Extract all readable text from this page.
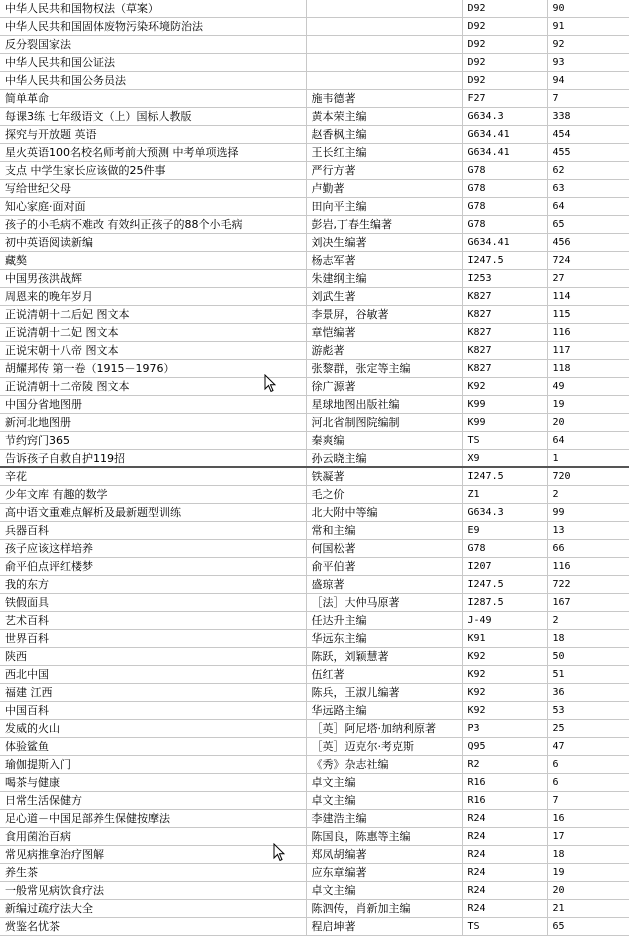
中华人民共和国物权法（草案）		D92	90
中华人民共和国固体废物污染环境防治法		D92	91
反分裂国家法		D92	92
中华人民共和国公证法		D92	93
中华人民共和国公务员法		D92	94
简单革命	施韦德著	F27	7
每课3练 七年级语文（上）国标人教版	黄本荣主编	G634.3	338
探究与开放题 英语	赵香枫主编	G634.41	454
星火英语100名校名师考前大预测 中考单项选择	王长红主编	G634.41	455
支点 中学生家长应该做的25件事	严行方著	G78	62
写给世纪父母	卢勤著	G78	63
知心家庭·面对面	田向平主编	G78	64
孩子的小毛病不难改 有效纠正孩子的88个小毛病	彭岩,丁春生编著	G78	65
初中英语阅读新编	刘决生编著	G634.41	456
藏獒	杨志军著	I247.5	724
中国男孩洪战辉	朱建纲主编	I253	27
周恩来的晚年岁月	刘武生著	K827	114
正说清朝十二后妃 图文本	李景屏，谷敏著	K827	115
正说清朝十二妃 图文本	章恺编著	K827	116
正说宋朝十八帝 图文本	游彪著	K827	117
胡耀邦传 第一卷（1915－1976）	张黎群，张定等主编	K827	118
正说清朝十二帝陵 图文本	徐广源著	K92	49
中国分省地图册	星球地图出版社编	K99	19
新河北地图册	河北省制图院编制	K99	20
节约窍门365	秦爽编	TS	64
告诉孩子自救自护119招	孙云晓主编	X9	1
辛花	铁凝著	I247.5	720
少年文库 有趣的数学	毛之价	Z1	2
高中语文重难点解析及最新题型训练	北大附中等编	G634.3	99
兵器百科	常和主编	E9	13
孩子应该这样培养	何国松著	G78	66
俞平伯点评红楼梦	俞平伯著	I207	116
我的东方	盛琼著	I247.5	722
铁假面具	［法］大仲马原著	I287.5	167
艺术百科	任达升主编	J-49	2
世界百科	华远东主编	K91	18
陕西	陈跃，刘颖慧著	K92	50
西北中国	伍红著	K92	51
福建 江西	陈兵，王淑儿编著	K92	36
中国百科	华远路主编	K92	53
发威的火山	［英］阿尼塔·加纳利原著	P3	25
体验鲨鱼	［英］迈克尔·考克斯	Q95	47
瑜伽提斯入门	《秀》杂志社编	R2	6
喝茶与健康	卓文主编	R16	6
日常生活保健方	卓文主编	R16	7
足心道－中国足部养生保健按摩法	李建浩主编	R24	16
食用菌治百病	陈国良，陈惠等主编	R24	17
常见病推拿治疗图解	郑凤胡编著	R24	18
养生茶	应东章编著	R24	19
一般常见病饮食疗法	卓文主编	R24	20
新编过疏疗法大全	陈泗传，肖新加主编	R24	21
赏鉴名忧茶	程启坤著	TS	65
